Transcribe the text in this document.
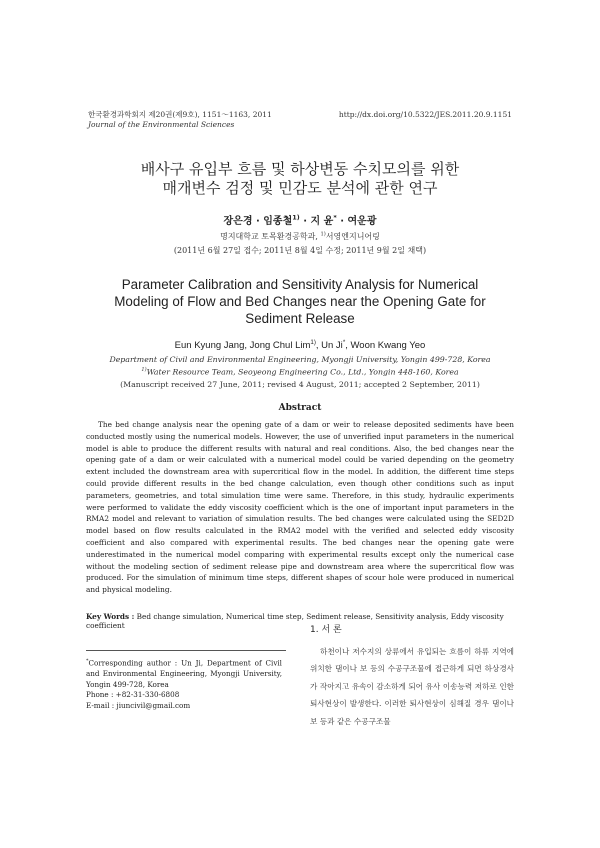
한국환경과학회지 제20권(제9호), 1151～1163, 2011
Journal of the Environmental Sciences
http://dx.doi.org/10.5322/JES.2011.20.9.1151
배사구 유입부 흐름 및 하상변동 수치모의를 위한
매개변수 검정 및 민감도 분석에 관한 연구
장은경 · 임종철$^{1)}$ · 지 윤* · 여운광
명지대학교 토목환경공학과, $^{1)}$서영엔지니어링
(2011년 6월 27일 접수; 2011년 8월 4일 수정; 2011년 9월 2일 채택)
Parameter Calibration and Sensitivity Analysis for Numerical
Modeling of Flow and Bed Changes near the Opening Gate for
Sediment Release
Eun Kyung Jang, Jong Chul Lim$^{1)}$, Un Ji*, Woon Kwang Yeo
Department of Civil and Environmental Engineering, Myongji University, Yongin 499-728, Korea
$^{1)}$Water Resource Team, Seoyeong Engineering Co., Ltd., Yongin 448-160, Korea
(Manuscript received 27 June, 2011; revised 4 August, 2011; accepted 2 September, 2011)
Abstract
The bed change analysis near the opening gate of a dam or weir to release deposited sediments have been conducted mostly using the numerical models. However, the use of unverified input parameters in the numerical model is able to produce the different results with natural and real conditions. Also, the bed changes near the opening gate of a dam or weir calculated with a numerical model could be varied depending on the geometry extent included the downstream area with supercritical flow in the model. In addition, the different time steps could provide different results in the bed change calculation, even though other conditions such as input parameters, geometries, and total simulation time were same. Therefore, in this study, hydraulic experiments were performed to validate the eddy viscosity coefficient which is the one of important input parameters in the RMA2 model and relevant to variation of simulation results. The bed changes were calculated using the SED2D model based on flow results calculated in the RMA2 model with the verified and selected eddy viscosity coefficient and also compared with experimental results. The bed changes near the opening gate were underestimated in the numerical model comparing with experimental results except only the numerical case without the modeling section of sediment release pipe and downstream area where the supercritical flow was produced. For the simulation of minimum time steps, different shapes of scour hole were produced in numerical and physical modeling.
Key Words : Bed change simulation, Numerical time step, Sediment release, Sensitivity analysis, Eddy viscosity coefficient	1. 서 론
하천이나 저수지의 상류에서 유입되는 흐름이 하류 지역에 위치한 댐이나 보 등의 수공구조물에 접근하게 되면 하상경사가 작아지고 유속이 감소하게 되어 유사 이송능력 저하로 인한 퇴사현상이 발생한다. 이러한 퇴사현상이 심해질 경우 댐이나 보 등과 같은 수공구조물
*Corresponding author : Un Ji, Department of Civil and Environmental Engineering, Myongji University, Yongin 499-728, Korea
Phone : +82-31-330-6808
E-mail : jiuncivil@gmail.com
